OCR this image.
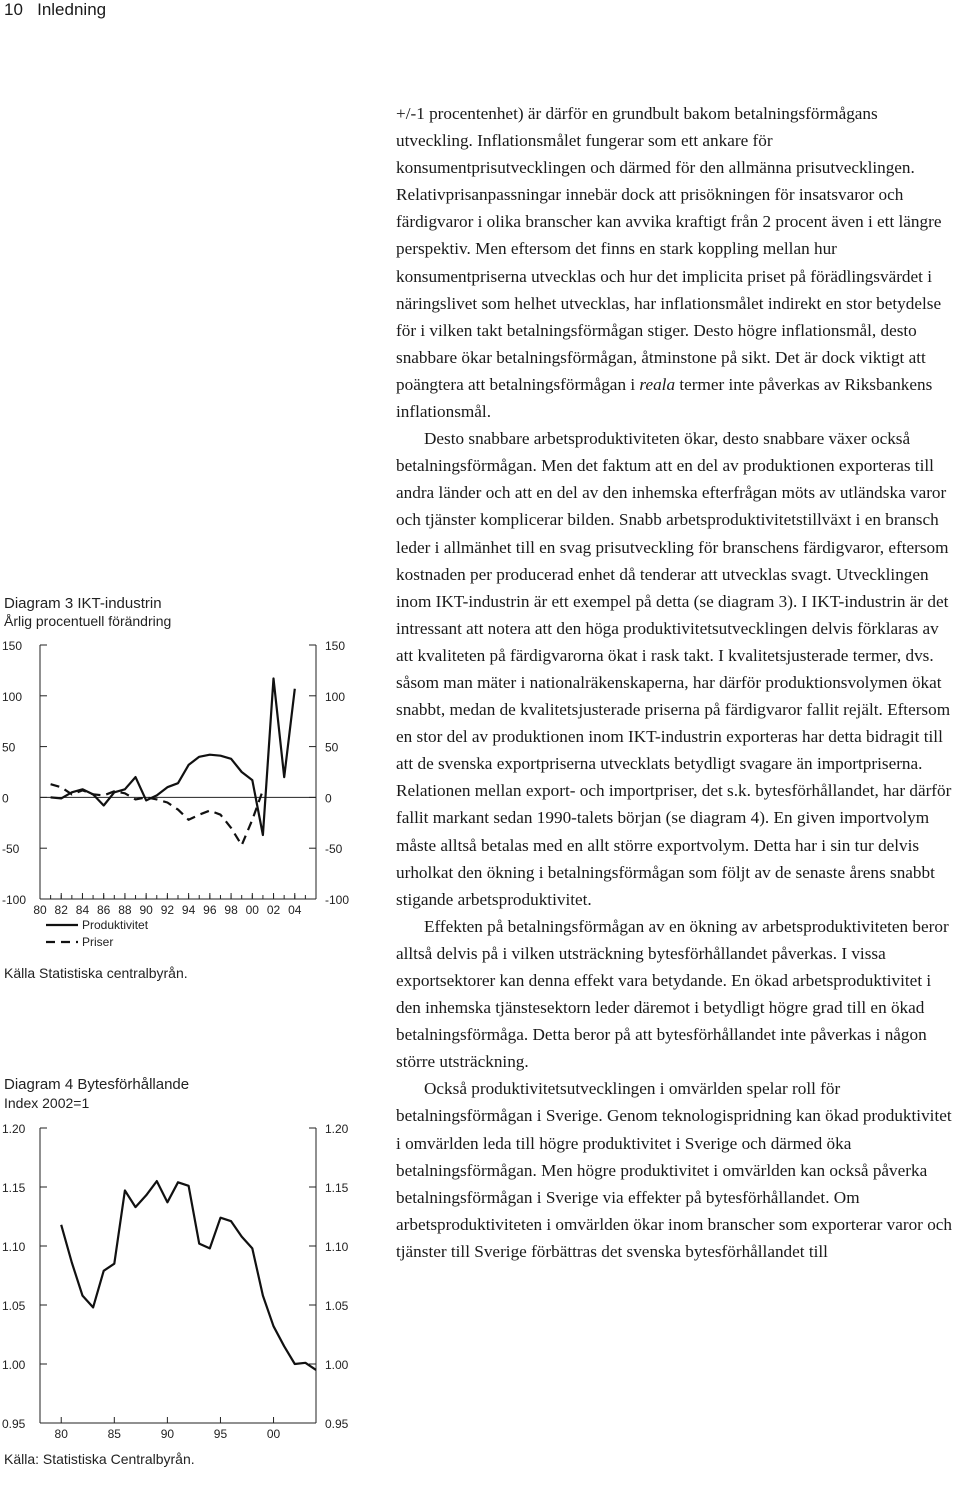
10 Inledning
Diagram 3 IKT-industrin
Årlig procentuell förändring
150	150
100	100
50	50
0	0
-50	-50
-100	-100
80 82 84 86 88 90 92 94 96 98 00 02 04
Produktivitet
Priser
Källa Statistiska centralbyrån.
Diagram 4 Bytesförhållande
Index 2002=1
1.20	1.20
1.15	1.15
1.10	1.10
1.05	1.05
1.00	1.00
0.95	0.95
80	85	90	95	00
Källa: Statistiska Centralbyrån.

+/-1 procentenhet) är därför en grundbult bakom betalningsförmågans utveckling. Inflationsmålet fungerar som ett ankare för konsumentprisutvecklingen och därmed för den allmänna prisutvecklingen. Relativprisanpassningar innebär dock att prisökningen för insatsvaror och färdigvaror i olika branscher kan avvika kraftigt från 2 procent även i ett längre perspektiv. Men eftersom det finns en stark koppling mellan hur konsumentpriserna utvecklas och hur det implicita priset på förädlingsvärdet i näringslivet som helhet utvecklas, har inflationsmålet indirekt en stor betydelse för i vilken takt betalningsförmågan stiger. Desto högre inflationsmål, desto snabbare ökar betalningsförmågan, åtminstone på sikt. Det är dock viktigt att poängtera att betalningsförmågan i reala termer inte påverkas av Riksbankens inflationsmål.

Desto snabbare arbetsproduktiviteten ökar, desto snabbare växer också betalningsförmågan. Men det faktum att en del av produktionen exporteras till andra länder och att en del av den inhemska efterfrågan möts av utländska varor och tjänster komplicerar bilden. Snabb arbetsproduktivitetstillväxt i en bransch leder i allmänhet till en svag prisutveckling för branschens färdigvaror, eftersom kostnaden per producerad enhet då tenderar att utvecklas svagt. Utvecklingen inom IKT-industrin är ett exempel på detta (se diagram 3). I IKT-industrin är det intressant att notera att den höga produktivitetsutvecklingen delvis förklaras av att kvaliteten på färdigvarorna ökat i rask takt. I kvalitetsjusterade termer, dvs. såsom man mäter i nationalräkenskaperna, har därför produktionsvolymen ökat snabbt, medan de kvalitetsjusterade priserna på färdigvaror fallit rejält. Eftersom en stor del av produktionen inom IKT-industrin exporteras har detta bidragit till att de svenska exportpriserna utvecklats betydligt svagare än importpriserna. Relationen mellan export- och importpriser, det s.k. bytesförhållandet, har därför fallit markant sedan 1990-talets början (se diagram 4). En given importvolym måste alltså betalas med en allt större exportvolym. Detta har i sin tur delvis urholkat den ökning i betalningsförmågan som följt av de senaste årens snabbt stigande arbetsproduktivitet.

Effekten på betalningsförmågan av en ökning av arbetsproduktiviteten beror alltså delvis på i vilken utsträckning bytesförhållandet påverkas. I vissa exportsektorer kan denna effekt vara betydande. En ökad arbetsproduktivitet i den inhemska tjänstesektorn leder däremot i betydligt högre grad till en ökad betalningsförmåga. Detta beror på att bytesförhållandet inte påverkas i någon större utsträckning.

Också produktivitetsutvecklingen i omvärlden spelar roll för betalningsförmågan i Sverige. Genom teknologispridning kan ökad produktivitet i omvärlden leda till högre produktivitet i Sverige och därmed öka betalningsförmågan. Men högre produktivitet i omvärlden kan också påverka betalningsförmågan i Sverige via effekter på bytesförhållandet. Om arbetsproduktiviteten i omvärlden ökar inom branscher som exporterar varor och tjänster till Sverige förbättras det svenska bytesförhållandet till
